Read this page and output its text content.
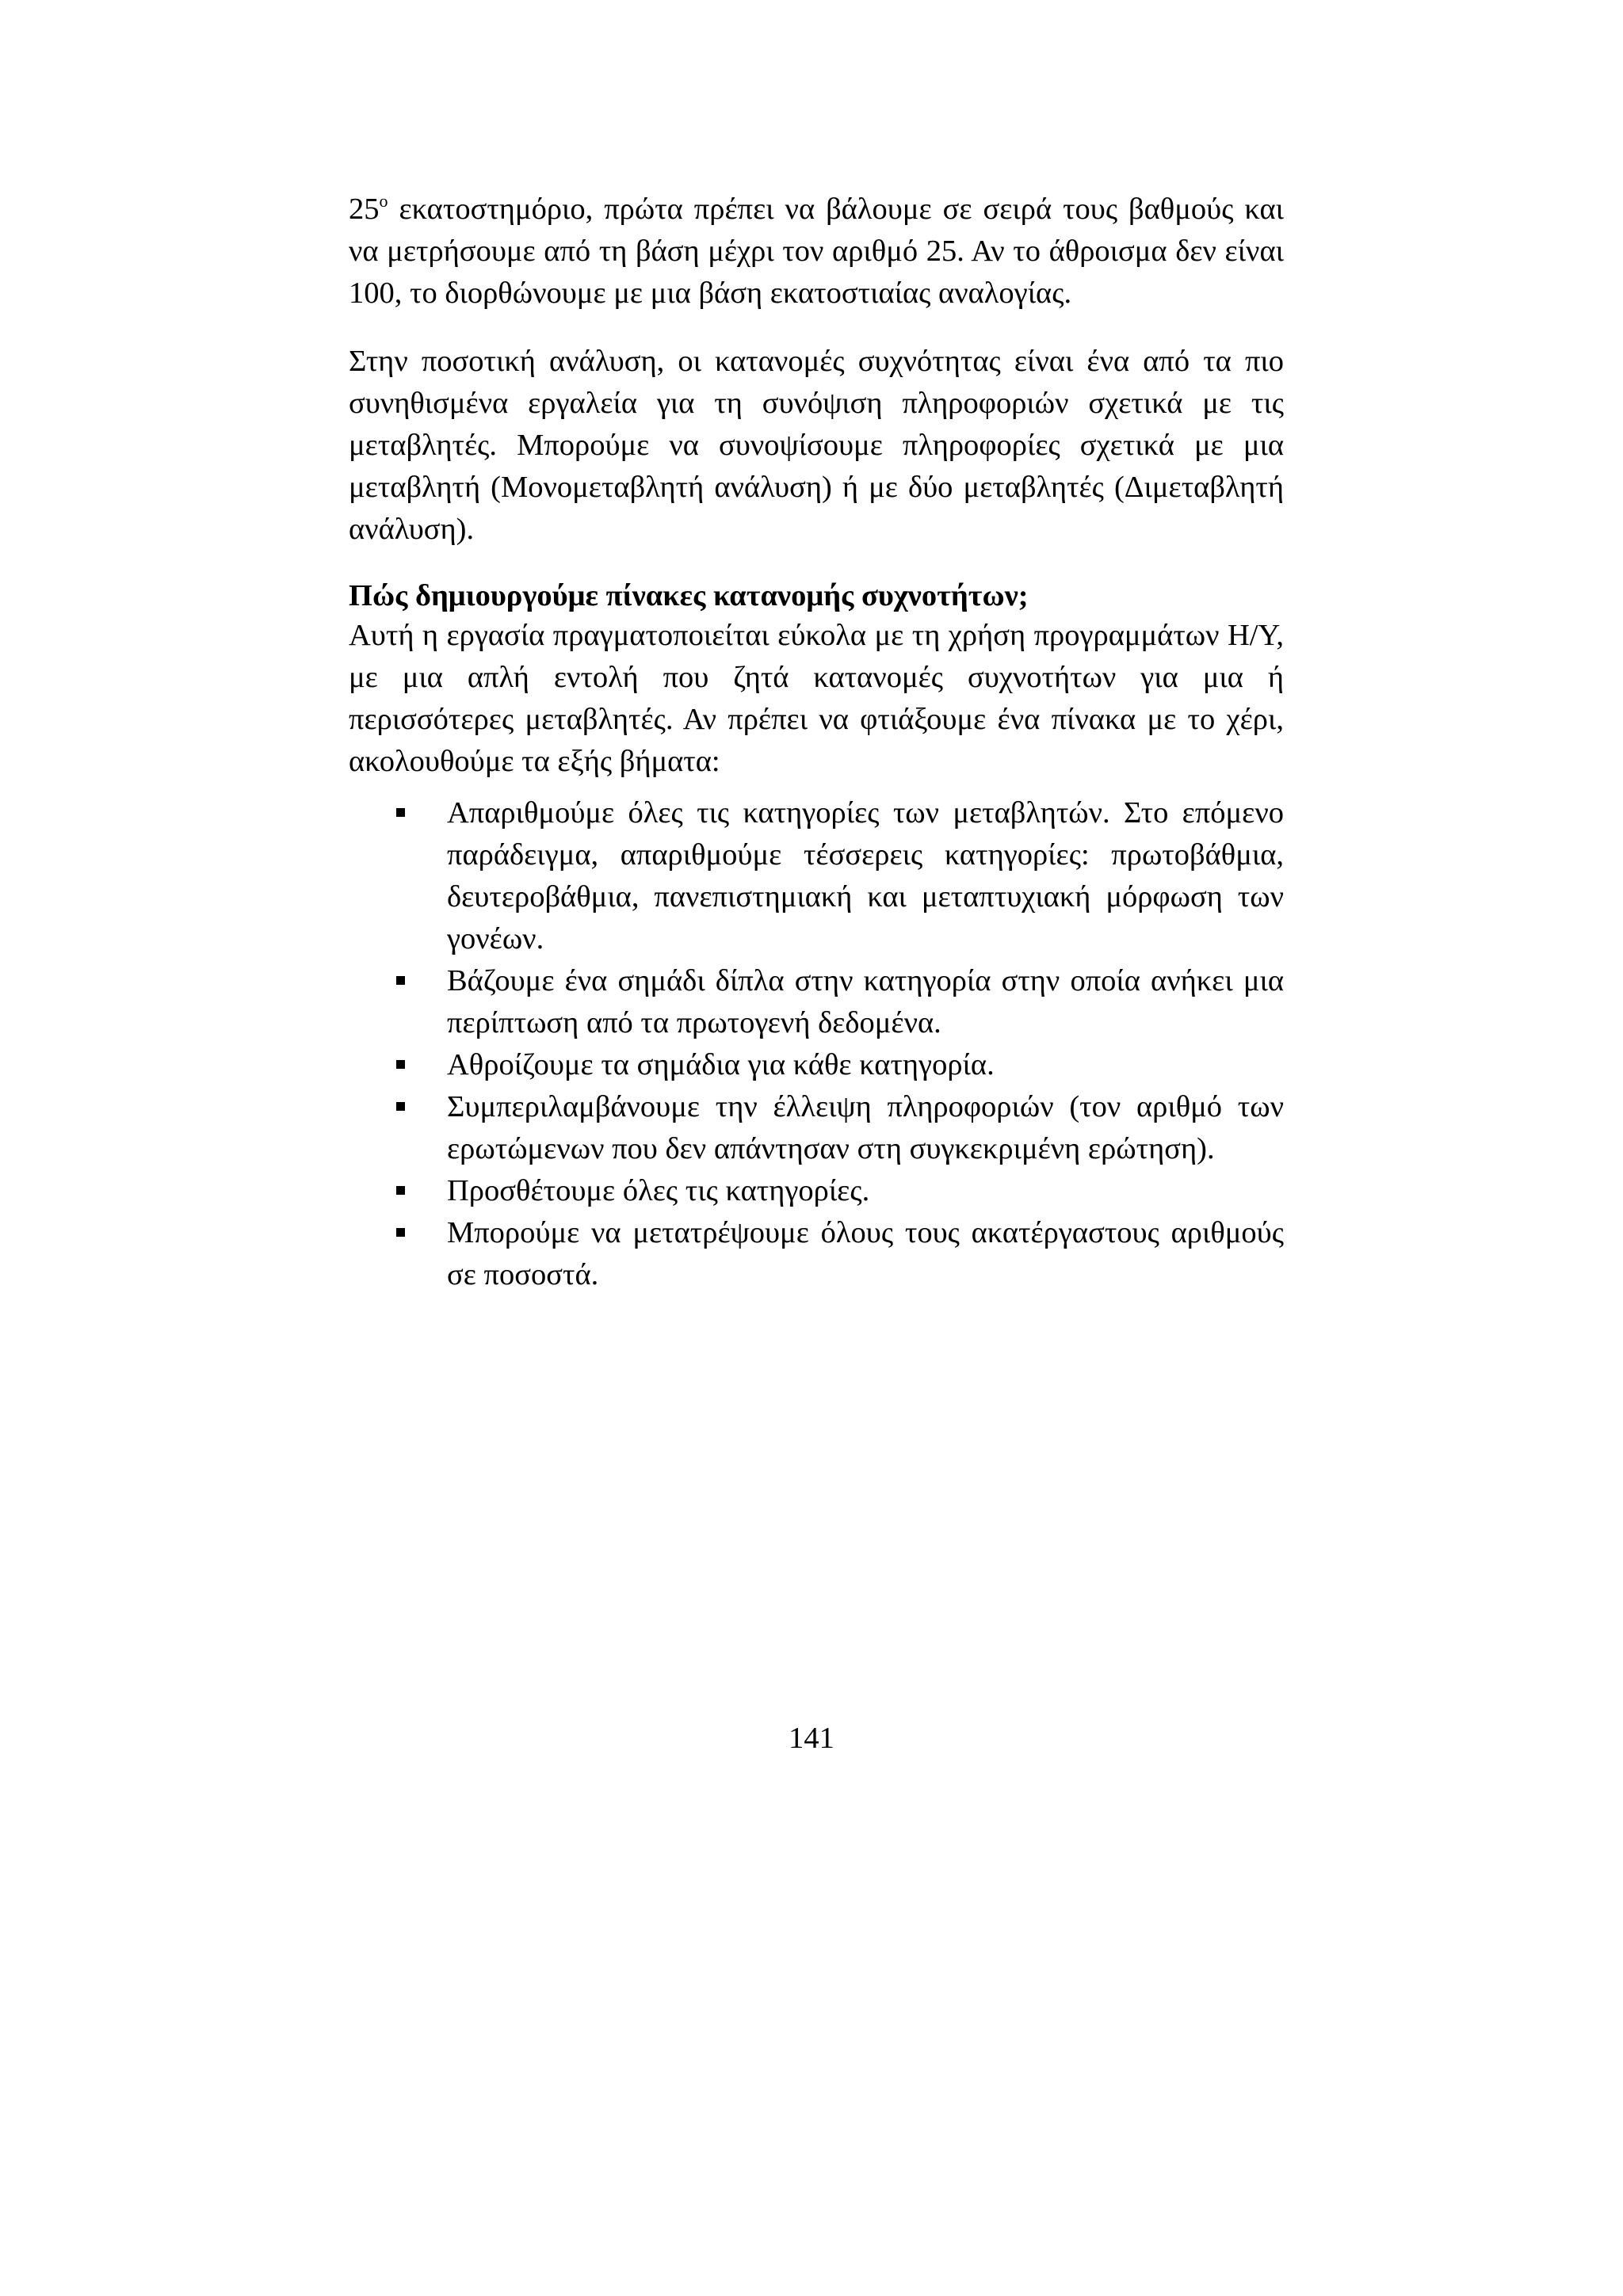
$25^o$ εκατοστημόριο, πρώτα πρέπει να βάλουμε σε σειρά τους βαθμούς και να μετρήσουμε από τη βάση μέχρι τον αριθμό 25. Αν το άθροισμα δεν είναι 100, το διορθώνουμε με μια βάση εκατοστιαίας αναλογίας.

Στην ποσοτική ανάλυση, οι κατανομές συχνότητας είναι ένα από τα πιο συνηθισμένα εργαλεία για τη συνόψιση πληροφοριών σχετικά με τις μεταβλητές. Μπορούμε να συνοψίσουμε πληροφορίες σχετικά με μια μεταβλητή (Μονομεταβλητή ανάλυση) ή με δύο μεταβλητές (Διμεταβλητή ανάλυση).

Πώς δημιουργούμε πίνακες κατανομής συχνοτήτων;

Αυτή η εργασία πραγματοποιείται εύκολα με τη χρήση προγραμμάτων Η/Υ, με μια απλή εντολή που ζητά κατανομές συχνοτήτων για μια ή περισσότερες μεταβλητές. Αν πρέπει να φτιάξουμε ένα πίνακα με το χέρι, ακολουθούμε τα εξής βήματα:

Απαριθμούμε όλες τις κατηγορίες των μεταβλητών. Στο επόμενο παράδειγμα, απαριθμούμε τέσσερεις κατηγορίες: πρωτοβάθμια, δευτεροβάθμια, πανεπιστημιακή και μεταπτυχιακή μόρφωση των γονέων.
Βάζουμε ένα σημάδι δίπλα στην κατηγορία στην οποία ανήκει μια περίπτωση από τα πρωτογενή δεδομένα.
Αθροίζουμε τα σημάδια για κάθε κατηγορία.
Συμπεριλαμβάνουμε την έλλειψη πληροφοριών (τον αριθμό των ερωτώμενων που δεν απάντησαν στη συγκεκριμένη ερώτηση).
Προσθέτουμε όλες τις κατηγορίες.
Μπορούμε να μετατρέψουμε όλους τους ακατέργαστους αριθμούς σε ποσοστά.
141
